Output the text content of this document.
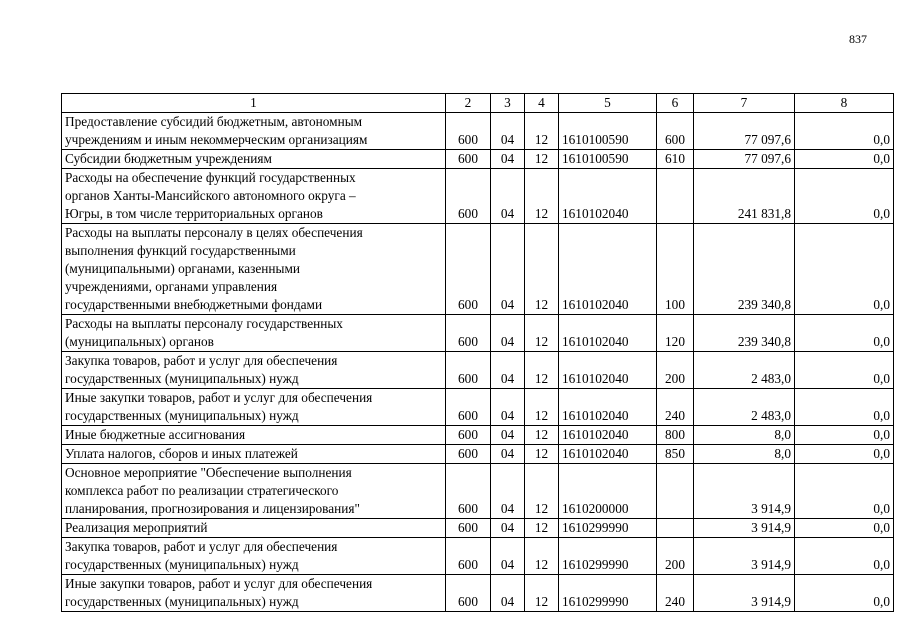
837
1	2	3	4	5	6	7	8

Предоставление субсидий бюджетным, автономным
учреждениям и иным некоммерческим организациям	600	04	12	1610100590	600	77 097,6	0,0

Субсидии бюджетным учреждениям	600	04	12	1610100590	610	77 097,6	0,0

Расходы на обеспечение функций государственных
органов Ханты-Мансийского автономного округа –
Югры, в том числе территориальных органов	600	04	12	1610102040		241 831,8	0,0

Расходы на выплаты персоналу в целях обеспечения
выполнения функций государственными
(муниципальными) органами, казенными
учреждениями, органами управления
государственными внебюджетными фондами	600	04	12	1610102040	100	239 340,8	0,0

Расходы на выплаты персоналу государственных
(муниципальных) органов	600	04	12	1610102040	120	239 340,8	0,0

Закупка товаров, работ и услуг для обеспечения
государственных (муниципальных) нужд	600	04	12	1610102040	200	2 483,0	0,0

Иные закупки товаров, работ и услуг для обеспечения
государственных (муниципальных) нужд	600	04	12	1610102040	240	2 483,0	0,0

Иные бюджетные ассигнования	600	04	12	1610102040	800	8,0	0,0

Уплата налогов, сборов и иных платежей	600	04	12	1610102040	850	8,0	0,0

Основное мероприятие "Обеспечение выполнения
комплекса работ по реализации стратегического
планирования, прогнозирования и лицензирования"	600	04	12	1610200000		3 914,9	0,0

Реализация мероприятий	600	04	12	1610299990		3 914,9	0,0

Закупка товаров, работ и услуг для обеспечения
государственных (муниципальных) нужд	600	04	12	1610299990	200	3 914,9	0,0

Иные закупки товаров, работ и услуг для обеспечения
государственных (муниципальных) нужд	600	04	12	1610299990	240	3 914,9	0,0
